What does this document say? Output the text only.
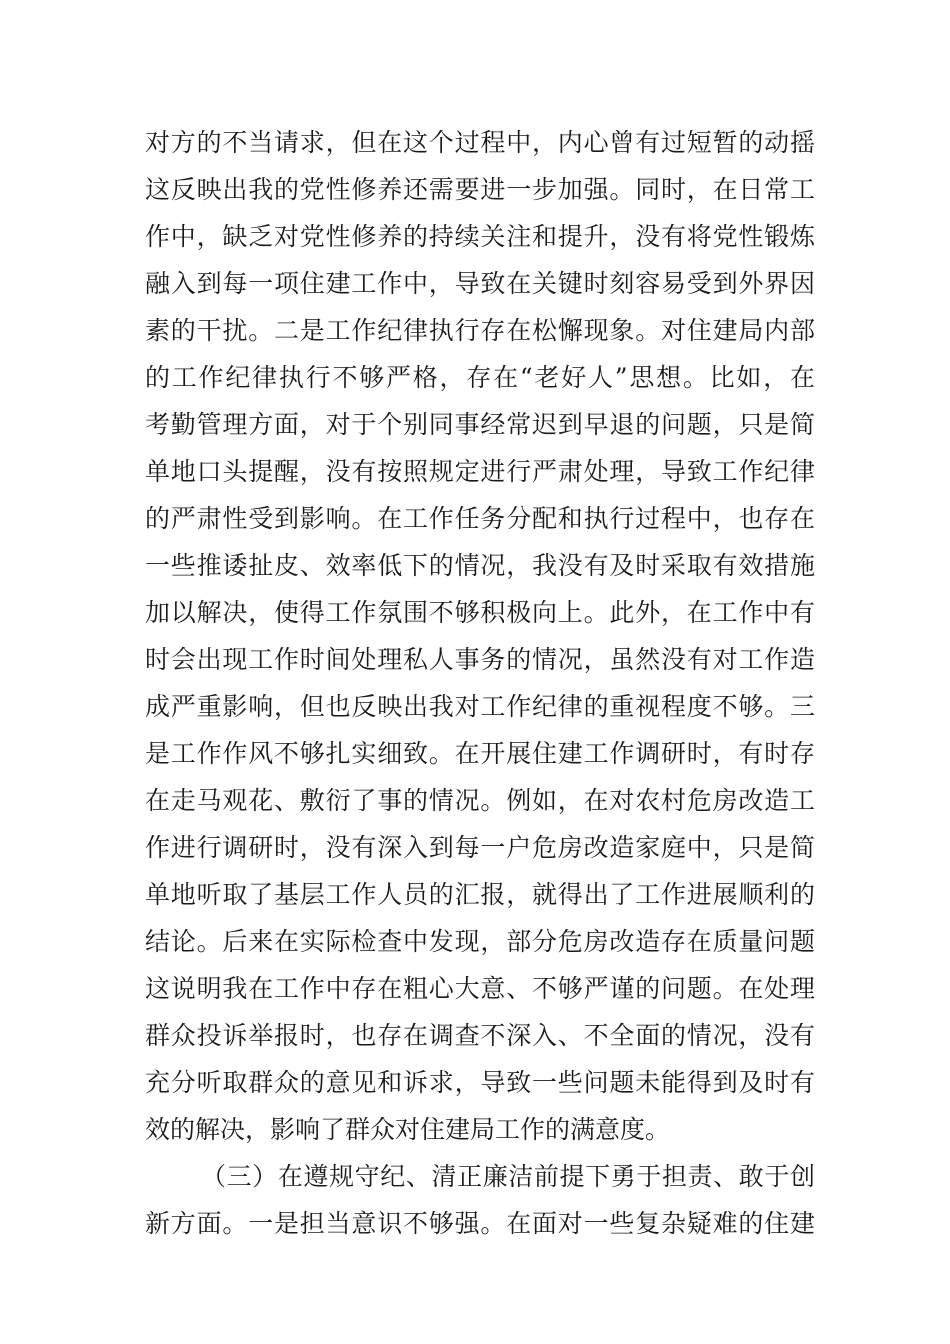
对方的不当请求，但在这个过程中，内心曾有过短暂的动摇
这反映出我的党性修养还需要进一步加强。同时，在日常工
作中，缺乏对党性修养的持续关注和提升，没有将党性锻炼
融入到每一项住建工作中，导致在关键时刻容易受到外界因
素的干扰。二是工作纪律执行存在松懈现象。对住建局内部
的工作纪律执行不够严格，存在“老好人”思想。比如，在
考勤管理方面，对于个别同事经常迟到早退的问题，只是简
单地口头提醒，没有按照规定进行严肃处理，导致工作纪律
的严肃性受到影响。在工作任务分配和执行过程中，也存在
一些推诿扯皮、效率低下的情况，我没有及时采取有效措施
加以解决，使得工作氛围不够积极向上。此外，在工作中有
时会出现工作时间处理私人事务的情况，虽然没有对工作造
成严重影响，但也反映出我对工作纪律的重视程度不够。三
是工作作风不够扎实细致。在开展住建工作调研时，有时存
在走马观花、敷衍了事的情况。例如，在对农村危房改造工
作进行调研时，没有深入到每一户危房改造家庭中，只是简
单地听取了基层工作人员的汇报，就得出了工作进展顺利的
结论。后来在实际检查中发现，部分危房改造存在质量问题
这说明我在工作中存在粗心大意、不够严谨的问题。在处理
群众投诉举报时，也存在调查不深入、不全面的情况，没有
充分听取群众的意见和诉求，导致一些问题未能得到及时有
效的解决，影响了群众对住建局工作的满意度。
（三）在遵规守纪、清正廉洁前提下勇于担责、敢于创
新方面。一是担当意识不够强。在面对一些复杂疑难的住建
